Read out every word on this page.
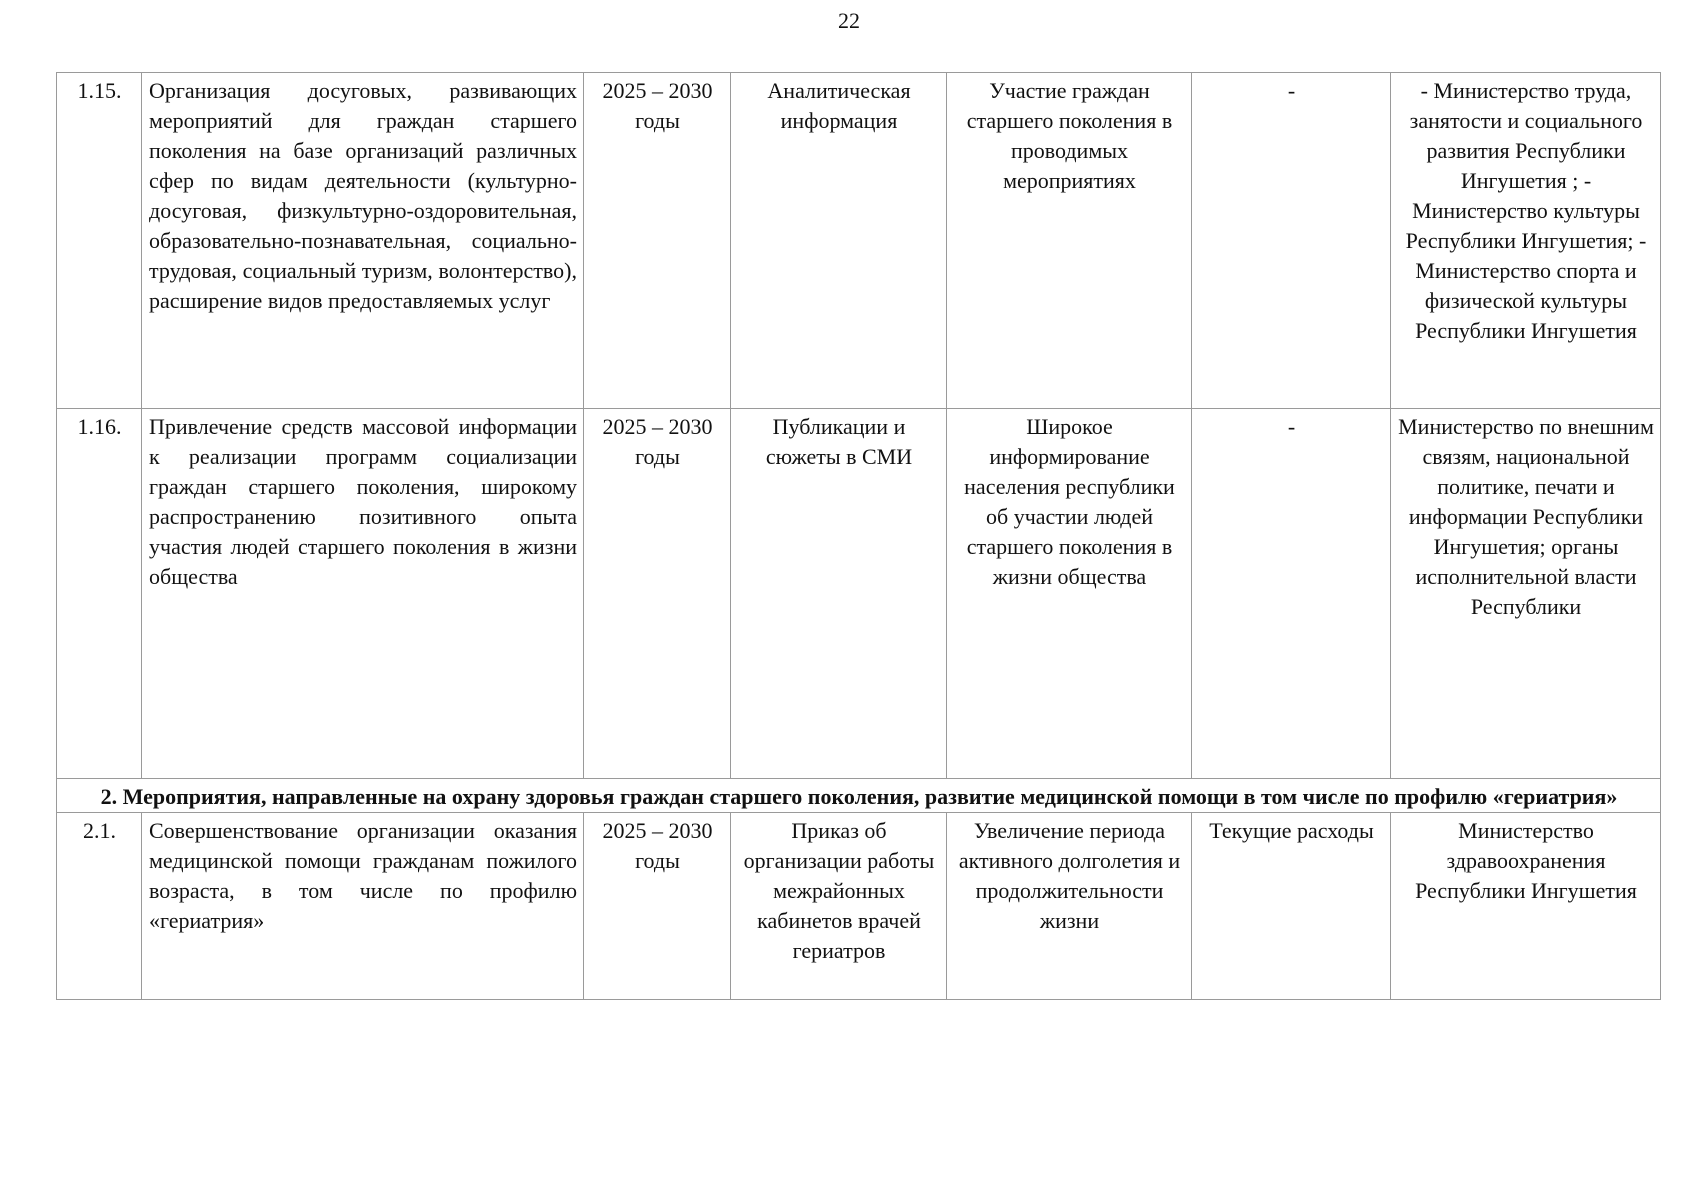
22
1.15.	Организация досуговых, развивающих мероприятий для граждан старшего поколения на базе организаций различных сфер по видам деятельности (культурно-досуговая, физкультурно-оздоровительная, образовательно-познавательная, социально-трудовая, социальный туризм, волонтерство), расширение видов предоставляемых услуг	2025 – 2030 годы	Аналитическая информация	Участие граждан старшего поколения в проводимых мероприятиях	-	- Министерство труда, занятости и социального развития Республики Ингушетия ; - Министерство культуры Республики Ингушетия; - Министерство спорта и физической культуры Республики Ингушетия
1.16.	Привлечение средств массовой информации к реализации программ социализации граждан старшего поколения, широкому распространению позитивного опыта участия людей старшего поколения в жизни общества	2025 – 2030 годы	Публикации и сюжеты в СМИ	Широкое информирование населения республики об участии людей старшего поколения в жизни общества	-	Министерство по внешним связям, национальной политике, печати и информации Республики Ингушетия; органы исполнительной власти Республики
2. Мероприятия, направленные на охрану здоровья граждан старшего поколения, развитие медицинской помощи в том числе по профилю «гериатрия»						
2.1.	Совершенствование организации оказания медицинской помощи гражданам пожилого возраста, в том числе по профилю «гериатрия»	2025 – 2030 годы	Приказ об организации работы межрайонных кабинетов врачей гериатров	Увеличение периода активного долголетия и продолжительности жизни	Текущие расходы	Министерство здравоохранения Республики Ингушетия
